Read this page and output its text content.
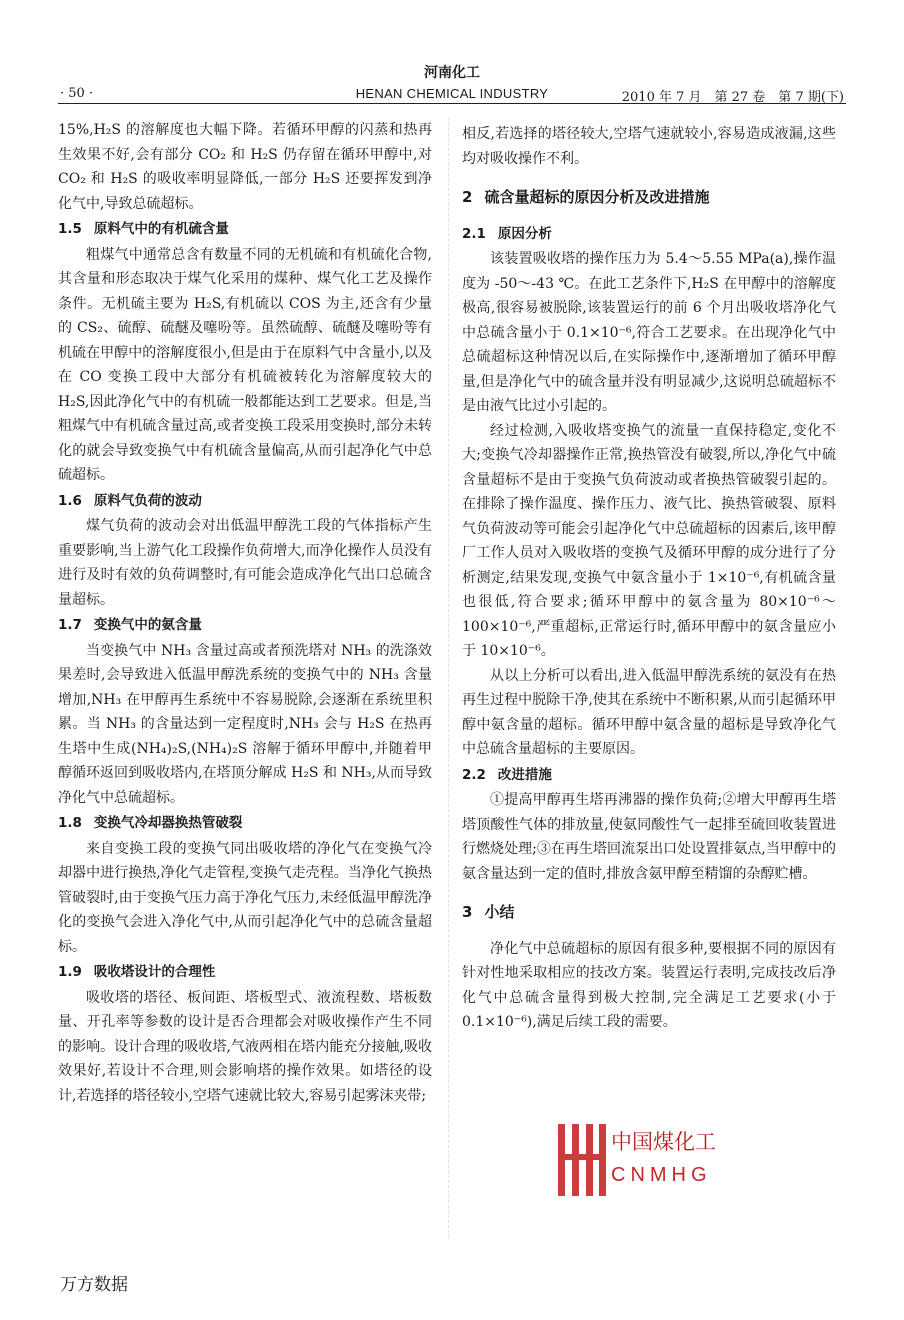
河南化工
· 50 ·	HENAN CHEMICAL INDUSTRY	2010 年 7 月　第 27 卷　第 7 期(下)

15%,H₂S 的溶解度也大幅下降。若循环甲醇的闪蒸和热再生效果不好,会有部分 CO₂ 和 H₂S 仍存留在循环甲醇中,对 CO₂ 和 H₂S 的吸收率明显降低,一部分 H₂S 还要挥发到净化气中,导致总硫超标。

1.5 原料气中的有机硫含量

粗煤气中通常总含有数量不同的无机硫和有机硫化合物,其含量和形态取决于煤气化采用的煤种、煤气化工艺及操作条件。无机硫主要为 H₂S,有机硫以 COS 为主,还含有少量的 CS₂、硫醇、硫醚及噻吩等。虽然硫醇、硫醚及噻吩等有机硫在甲醇中的溶解度很小,但是由于在原料气中含量小,以及在 CO 变换工段中大部分有机硫被转化为溶解度较大的 H₂S,因此净化气中的有机硫一般都能达到工艺要求。但是,当粗煤气中有机硫含量过高,或者变换工段采用变换时,部分未转化的就会导致变换气中有机硫含量偏高,从而引起净化气中总硫超标。

1.6 原料气负荷的波动

煤气负荷的波动会对出低温甲醇洗工段的气体指标产生重要影响,当上游气化工段操作负荷增大,而净化操作人员没有进行及时有效的负荷调整时,有可能会造成净化气出口总硫含量超标。

1.7 变换气中的氨含量

当变换气中 NH₃ 含量过高或者预洗塔对 NH₃ 的洗涤效果差时,会导致进入低温甲醇洗系统的变换气中的 NH₃ 含量增加,NH₃ 在甲醇再生系统中不容易脱除,会逐渐在系统里积累。当 NH₃ 的含量达到一定程度时,NH₃ 会与 H₂S 在热再生塔中生成(NH₄)₂S,(NH₄)₂S 溶解于循环甲醇中,并随着甲醇循环返回到吸收塔内,在塔顶分解成 H₂S 和 NH₃,从而导致净化气中总硫超标。

1.8 变换气冷却器换热管破裂

来自变换工段的变换气同出吸收塔的净化气在变换气冷却器中进行换热,净化气走管程,变换气走壳程。当净化气换热管破裂时,由于变换气压力高于净化气压力,未经低温甲醇洗净化的变换气会进入净化气中,从而引起净化气中的总硫含量超标。

1.9 吸收塔设计的合理性

吸收塔的塔径、板间距、塔板型式、液流程数、塔板数量、开孔率等参数的设计是否合理都会对吸收操作产生不同的影响。设计合理的吸收塔,气液两相在塔内能充分接触,吸收效果好,若设计不合理,则会影响塔的操作效果。如塔径的设计,若选择的塔径较小,空塔气速就比较大,容易引起雾沫夹带;

相反,若选择的塔径较大,空塔气速就较小,容易造成液漏,这些均对吸收操作不利。

2 硫含量超标的原因分析及改进措施
2.1 原因分析

该装置吸收塔的操作压力为 5.4～5.55 MPa(a),操作温度为 -50～-43 ℃。在此工艺条件下,H₂S 在甲醇中的溶解度极高,很容易被脱除,该装置运行的前 6 个月出吸收塔净化气中总硫含量小于 0.1×10⁻⁶,符合工艺要求。在出现净化气中总硫超标这种情况以后,在实际操作中,逐渐增加了循环甲醇量,但是净化气中的硫含量并没有明显减少,这说明总硫超标不是由液气比过小引起的。

经过检测,入吸收塔变换气的流量一直保持稳定,变化不大;变换气冷却器操作正常,换热管没有破裂,所以,净化气中硫含量超标不是由于变换气负荷波动或者换热管破裂引起的。在排除了操作温度、操作压力、液气比、换热管破裂、原料气负荷波动等可能会引起净化气中总硫超标的因素后,该甲醇厂工作人员对入吸收塔的变换气及循环甲醇的成分进行了分析测定,结果发现,变换气中氨含量小于 1×10⁻⁶,有机硫含量也很低,符合要求;循环甲醇中的氨含量为 80×10⁻⁶～100×10⁻⁶,严重超标,正常运行时,循环甲醇中的氨含量应小于 10×10⁻⁶。

从以上分析可以看出,进入低温甲醇洗系统的氨没有在热再生过程中脱除干净,使其在系统中不断积累,从而引起循环甲醇中氨含量的超标。循环甲醇中氨含量的超标是导致净化气中总硫含量超标的主要原因。

2.2 改进措施

①提高甲醇再生塔再沸器的操作负荷;②增大甲醇再生塔塔顶酸性气体的排放量,使氨同酸性气一起排至硫回收装置进行燃烧处理;③在再生塔回流泵出口处设置排氨点,当甲醇中的氨含量达到一定的值时,排放含氨甲醇至精馏的杂醇贮槽。

3 小结

净化气中总硫超标的原因有很多种,要根据不同的原因有针对性地采取相应的技改方案。装置运行表明,完成技改后净化气中总硫含量得到极大控制,完全满足工艺要求(小于 0.1×10⁻⁶),满足后续工段的需要。

中国煤化工
CNMHG
万方数据
